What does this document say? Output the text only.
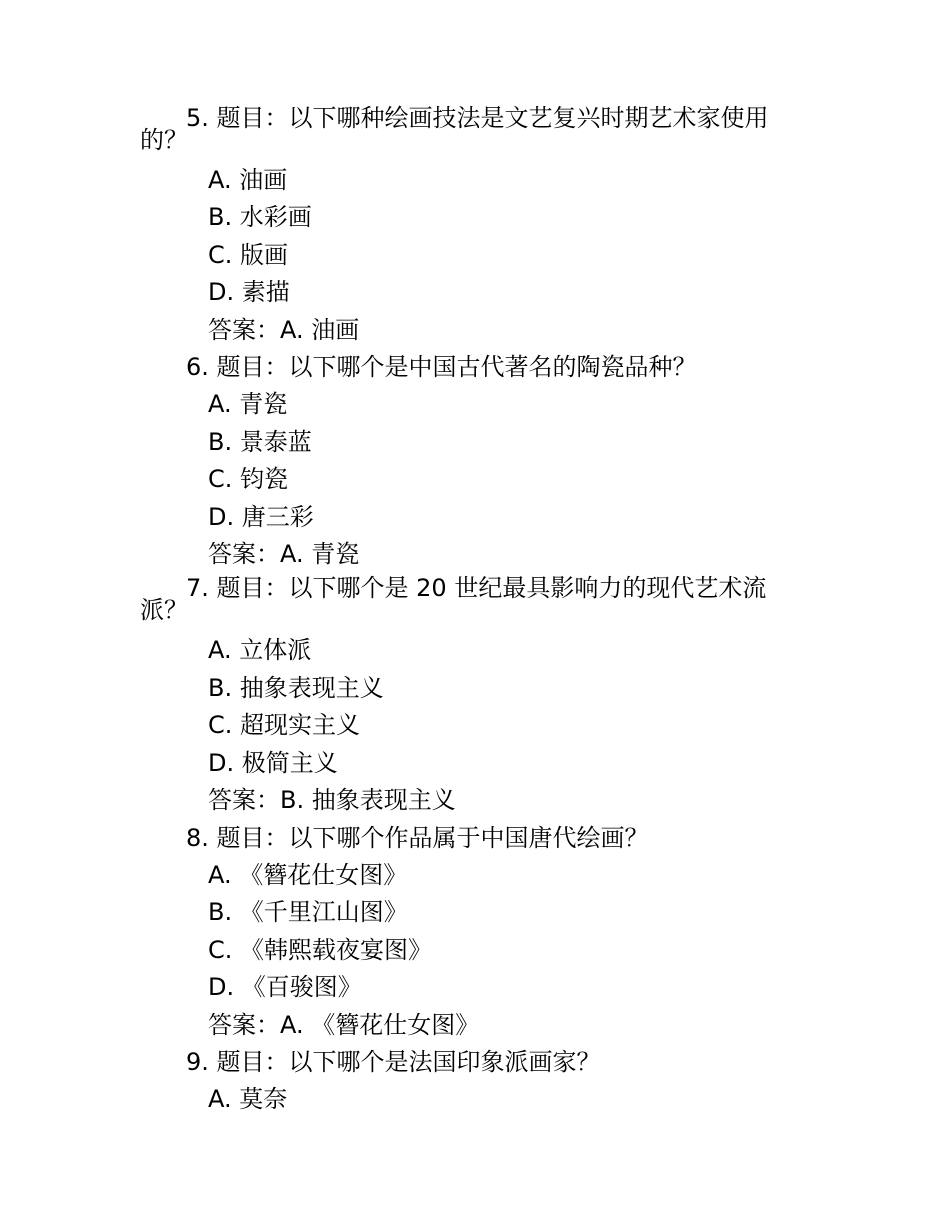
5. 题目：以下哪种绘画技法是文艺复兴时期艺术家使用的？

A. 油画

B. 水彩画

C. 版画

D. 素描

答案：A. 油画

6. 题目：以下哪个是中国古代著名的陶瓷品种？

A. 青瓷

B. 景泰蓝

C. 钧瓷

D. 唐三彩

答案：A. 青瓷

7. 题目：以下哪个是 20 世纪最具影响力的现代艺术流派？

A. 立体派

B. 抽象表现主义

C. 超现实主义

D. 极简主义

答案：B. 抽象表现主义

8. 题目：以下哪个作品属于中国唐代绘画？

A. 《簪花仕女图》

B. 《千里江山图》

C. 《韩熙载夜宴图》

D. 《百骏图》

答案：A. 《簪花仕女图》

9. 题目：以下哪个是法国印象派画家？

A. 莫奈
